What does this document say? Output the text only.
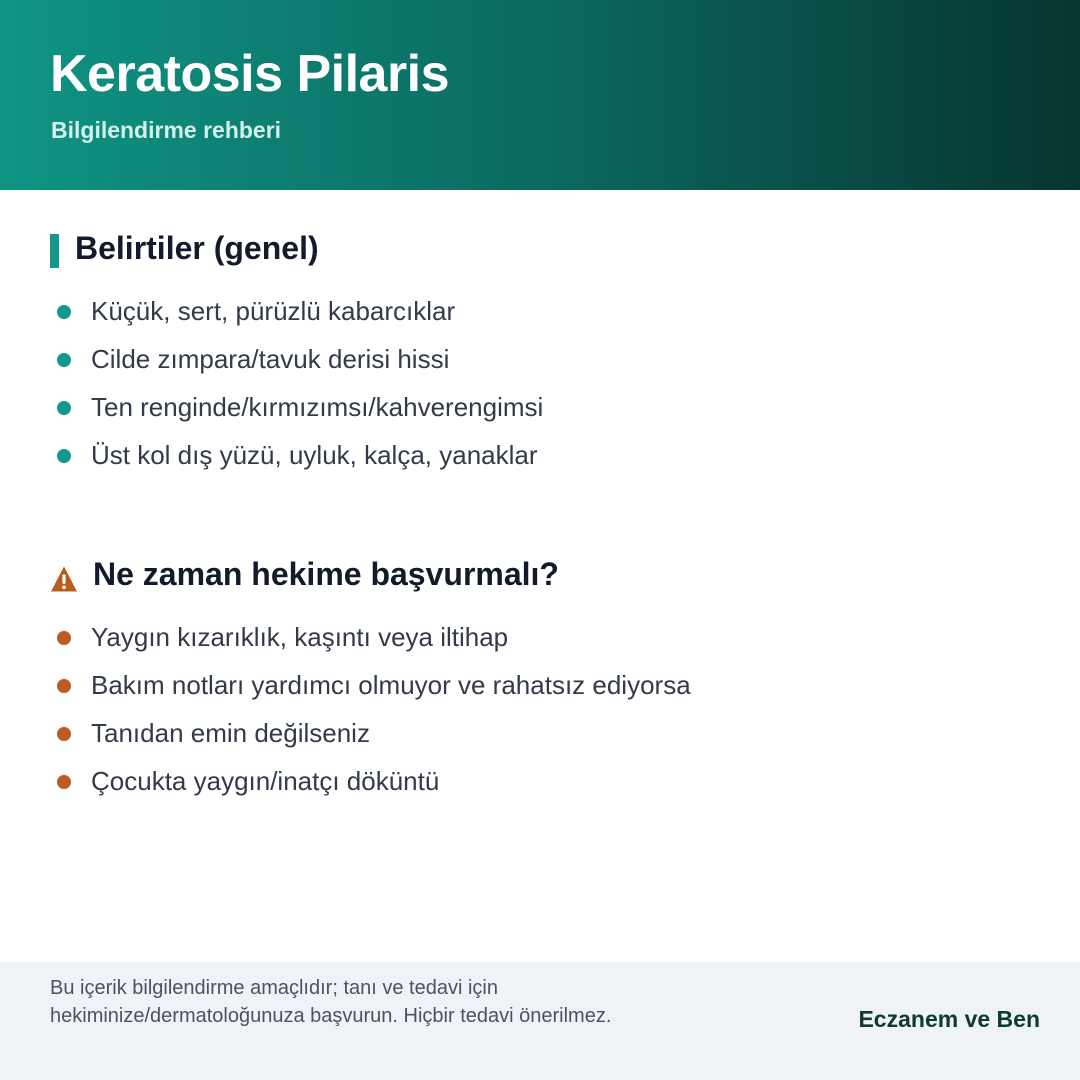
Keratosis Pilaris
Bilgilendirme rehberi
Belirtiler (genel)
Küçük, sert, pürüzlü kabarcıklar
Cilde zımpara/tavuk derisi hissi
Ten renginde/kırmızımsı/kahverengimsi
Üst kol dış yüzü, uyluk, kalça, yanaklar
Ne zaman hekime başvurmalı?
Yaygın kızarıklık, kaşıntı veya iltihap
Bakım notları yardımcı olmuyor ve rahatsız ediyorsa
Tanıdan emin değilseniz
Çocukta yaygın/inatçı döküntü
Bu içerik bilgilendirme amaçlıdır; tanı ve tedavi için hekiminize/dermatoloğunuza başvurun. Hiçbir tedavi önerilmez.	Eczanem ve Ben
